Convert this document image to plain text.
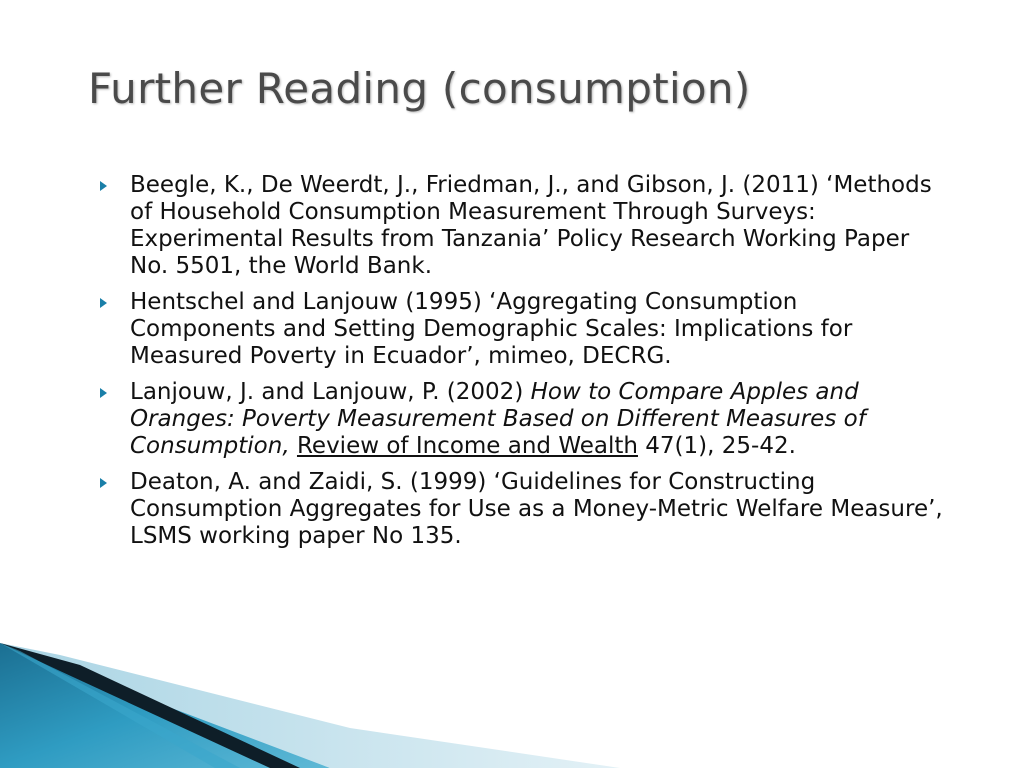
Further Reading (consumption)
Beegle, K., De Weerdt, J., Friedman, J., and Gibson, J. (2011) ‘Methods of Household Consumption Measurement Through Surveys: Experimental Results from Tanzania’ Policy Research Working Paper No. 5501, the World Bank.
Hentschel and Lanjouw (1995) ‘Aggregating Consumption Components and Setting Demographic Scales: Implications for Measured Poverty in Ecuador’, mimeo, DECRG.
Lanjouw, J. and Lanjouw, P. (2002) How to Compare Apples and Oranges: Poverty Measurement Based on Different Measures of Consumption, Review of Income and Wealth 47(1), 25-42.
Deaton, A. and Zaidi, S. (1999) ‘Guidelines for Constructing Consumption Aggregates for Use as a Money-Metric Welfare Measure’, LSMS working paper No 135.
